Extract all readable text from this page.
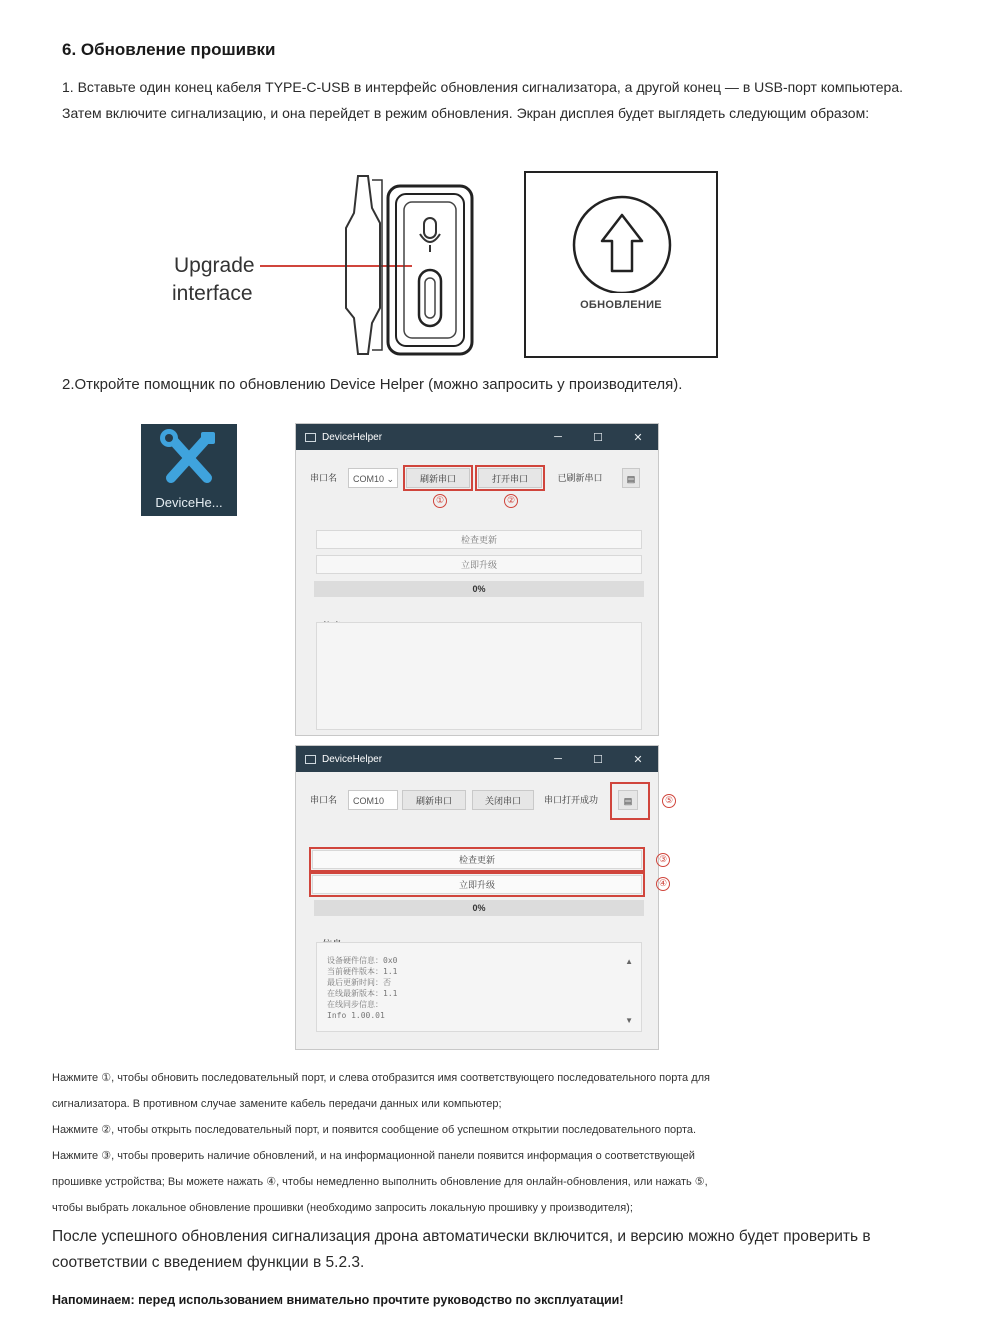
6. Обновление прошивки
1. Вставьте один конец кабеля TYPE-C-USB в интерфейс обновления сигнализатора, а другой конец — в USB-порт компьютера. Затем включите сигнализацию, и она перейдет в режим обновления. Экран дисплея будет выглядеть следующим образом:
Upgrade
interface	ОБНОВЛЕНИЕ
2.Откройте помощник по обновлению Device Helper (можно запросить у производителя).
DeviceHe...
DeviceHelper	─	☐	✕
串口名	COM10 ⌄	刷新串口	打开串口	已刷新串口	▤
①	②
检查更新
立即升级
0%
DeviceHelper	─	☐	✕
串口名	COM10	刷新串口	关闭串口	串口打开成功	▤	⑤
检查更新	③
立即升级	④
0%
设备硬件信息：0x0
当前硬件版本：1.1
最后更新时间：否
在线最新版本：1.1
在线同步信息：
Info 1.00.01
▲
▼
Нажмите ①, чтобы обновить последовательный порт, и слева отобразится имя соответствующего последовательного порта для
сигнализатора. В противном случае замените кабель передачи данных или компьютер;
Нажмите ②, чтобы открыть последовательный порт, и появится сообщение об успешном открытии последовательного порта.
Нажмите ③, чтобы проверить наличие обновлений, и на информационной панели появится информация о соответствующей
прошивке устройства; Вы можете нажать ④, чтобы немедленно выполнить обновление для онлайн-обновления, или нажать ⑤,
чтобы выбрать локальное обновление прошивки (необходимо запросить локальную прошивку у производителя);
После успешного обновления сигнализация дрона автоматически включится, и версию можно будет проверить в соответствии с введением функции в 5.2.3.
Напоминаем: перед использованием внимательно прочтите руководство по эксплуатации!
